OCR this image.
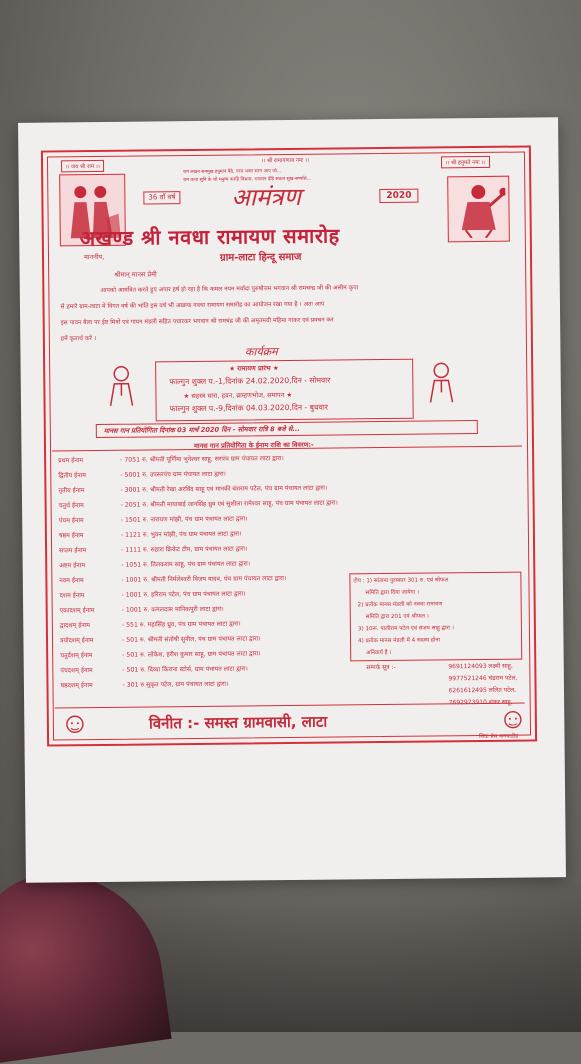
।। जय श्री राम ।।
।। श्री रामायणाय नमः ।।	।। श्री हनुमते नमः ।।
राम लखन सनमुख हनुमान बैठे, परम भक्त सरन आए जो...
राम कथा सुनि के जो मनुष्य करहि विश्राम, भगवान देहि सकल सुख-सम्पत्ति...
36 वाँ वर्ष	2020
आमंत्रण
अखण्ड श्री नवधा रामायण समारोह
ग्राम-लाटा हिन्दू समाज
माननीय,
श्रीमान् मानस प्रेमी
आपको आमंत्रित करते हुए अपार हर्ष हो रहा है कि कमल नयन मर्यादा पुरुषोत्तम भगवान श्री रामचन्द्र जी की असीम कृपा
से हमारे ग्राम-लाटा में विगत वर्ष की भांति इस वर्ष भी अखण्ड नवधा रामायण समारोह का आयोजन रखा गया है । अतः आप
इस पावन बेला पर ईष्ट मित्रों एवं गायन मंडली सहित पधारकर भगवान श्री रामचंद्र जी की अमृतमयी महिमा गाकर एवं प्रवचन कर
हमें कृतार्थ करें ।
कार्यक्रम
★ रामायण प्रारंभ ★
फाल्गुन शुक्ल प.-1,दिनांक 24.02.2020,दिन - सोमवार
★ सहस्त्र धारा, हवन, ब्राम्हणभोज, समापन ★
फाल्गुन शुक्ल प.-9,दिनांक 04.03.2020,दिन - बुधवार
मानस गान प्रतियोगिता दिनांक 03 मार्च 2020 दिन - सोमवार रात्रि 8 बजे से...
मानस गान प्रतियोगिता के ईनाम राशि का विवरण:-
प्रथम ईनाम	- 7051 रु. श्रीमती पूर्णिमा भुनेश्वर साहू, सरपंच ग्राम पंचायत लाटा द्वारा।
द्वितीय ईनाम	- 5001 रु. उपसरपंच ग्राम पंचायत लाटा द्वारा।
तृतीय ईनाम	- 3001 रु. श्रीमती रेखा अरविंद साहू एवं मानकी बंशराम पटेल, पंच ग्राम पंचायत लाटा द्वारा।
चतुर्थ ईनाम	- 2051 रु. श्रीमती मायाबाई जानसिंह ध्रुव एवं सुशीला रामेश्वर साहू, पंच ग्राम पंचायत लाटा द्वारा।
पंचम ईनाम	- 1501 रु. नारायण मांझी, पंच ग्राम पंचायत लाटा द्वारा।
षष्ठम ईनाम	- 1121 रु. भुवन मांझी, पंच ग्राम पंचायत लाटा द्वारा।
सप्तम ईनाम	- 1111 रु. सहारा क्रिकेट टीम, ग्राम पंचायत लाटा द्वारा।
अष्टम ईनाम	- 1051 रु. तिलकराम साहू, पंच ग्राम पंचायत लाटा द्वारा।
नवम ईनाम	- 1001 रु. श्रीमती निर्मलेश्वरी विजय यादव, पंच ग्राम पंचायत लाटा द्वारा।
दशम ईनाम	- 1001 रु. हरिराम पटेल, पंच ग्राम पंचायत लाटा द्वारा।
एकादशम् ईनाम	- 1001 रु. कमलदास मानिकपुरी लाटा द्वारा।
द्वादशम् ईनाम	- 551 रु. महासिंह ध्रुव, पंच ग्राम पंचायत लाटा द्वारा।
त्रयोदशम् ईनाम	- 501 रु. श्रीमती संतोषी सुनील, पंच ग्राम पंचायत लाटा द्वारा।
चतुर्दशम् ईनाम	- 501 रु. लोकेश, हरीश कुमार साहू, ग्राम पंचायत लाटा द्वारा।
पंचदशम् ईनाम	- 501 रु. दिव्या किराना स्टोर्स, ग्राम पंचायत लाटा द्वारा।
षष्ठदशम् ईनाम	- 301 रु.सुकृत पटेल, ग्राम पंचायत लाटा द्वारा।
टीप : 1) सांत्वना पुरस्कार 301 रु. एवं श्रीफल
समिति द्वारा दिया जायेगा ।
2) प्रत्येक मानस मंडली को नवधा रामायण
समिति द्वारा 201 एवं श्रीफल ।
3) 10रू. पालीराम पटेल एवं संजय साहू द्वारा ।
4) प्रत्येक मानस मंडली में 4 सदस्य होना
अनिवार्य है ।
सम्पर्क सूत्र :-	9691124093 लक्ष्मी साहू,
9977521246 चंद्रराम पटेल,
6261612495 ललित पटेल,
7692973910 शंकर साहू,
विनीत :- समस्त ग्रामवासी, लाटा
शिवा प्रेस फनवाडीह
